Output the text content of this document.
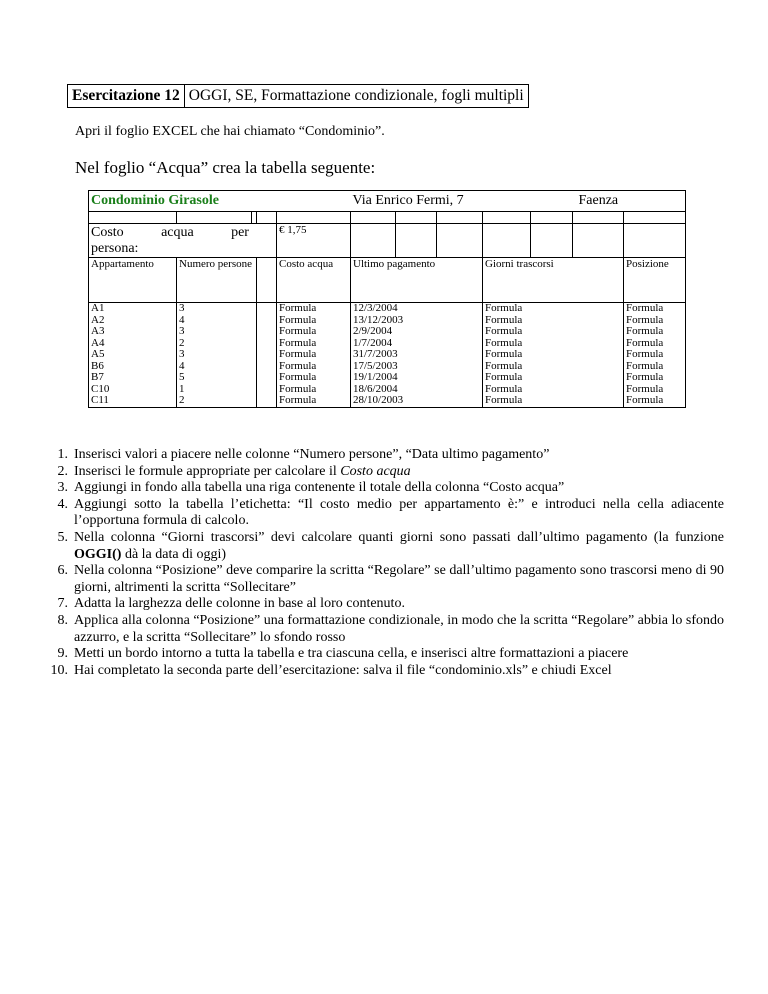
Esercitazione 12 OGGI, SE, Formattazione condizionale, fogli multipli
Apri il foglio EXCEL che hai chiamato “Condominio”.
Nel foglio “Acqua” crea la tabella seguente:
Condominio Girasole					Via Enrico Fermi, 7					Faenza	

Costo acqua per
persona:				€ 1,75							
Appartamento	Numero persone			Costo acqua	Ultimo pagamento			Giorni trascorsi			Posizione
A1	3			Formula	12/3/2004			Formula			Formula
A2	4			Formula	13/12/2003			Formula			Formula
A3	3			Formula	2/9/2004			Formula			Formula
A4	2			Formula	1/7/2004			Formula			Formula
A5	3			Formula	31/7/2003			Formula			Formula
B6	4			Formula	17/5/2003			Formula			Formula
B7	5			Formula	19/1/2004			Formula			Formula
C10	1			Formula	18/6/2004			Formula			Formula
C11	2			Formula	28/10/2003			Formula			Formula
1. Inserisci valori a piacere nelle colonne “Numero persone”, “Data ultimo pagamento”
2. Inserisci le formule appropriate per calcolare il Costo acqua
3. Aggiungi in fondo alla tabella una riga contenente il totale della colonna “Costo acqua”
4. Aggiungi sotto la tabella l’etichetta: “Il costo medio per appartamento è:” e introduci nella cella adiacente l’opportuna formula di calcolo.
5. Nella colonna “Giorni trascorsi” devi calcolare quanti giorni sono passati dall’ultimo pagamento (la funzione OGGI() dà la data di oggi)
6. Nella colonna “Posizione” deve comparire la scritta “Regolare” se dall’ultimo pagamento sono trascorsi meno di 90 giorni, altrimenti la scritta “Sollecitare”
7. Adatta la larghezza delle colonne in base al loro contenuto.
8. Applica alla colonna “Posizione” una formattazione condizionale, in modo che la scritta “Regolare” abbia lo sfondo azzurro, e la scritta “Sollecitare” lo sfondo rosso
9. Metti un bordo intorno a tutta la tabella e tra ciascuna cella, e inserisci altre formattazioni a piacere
10. Hai completato la seconda parte dell’esercitazione: salva il file “condominio.xls” e chiudi Excel
